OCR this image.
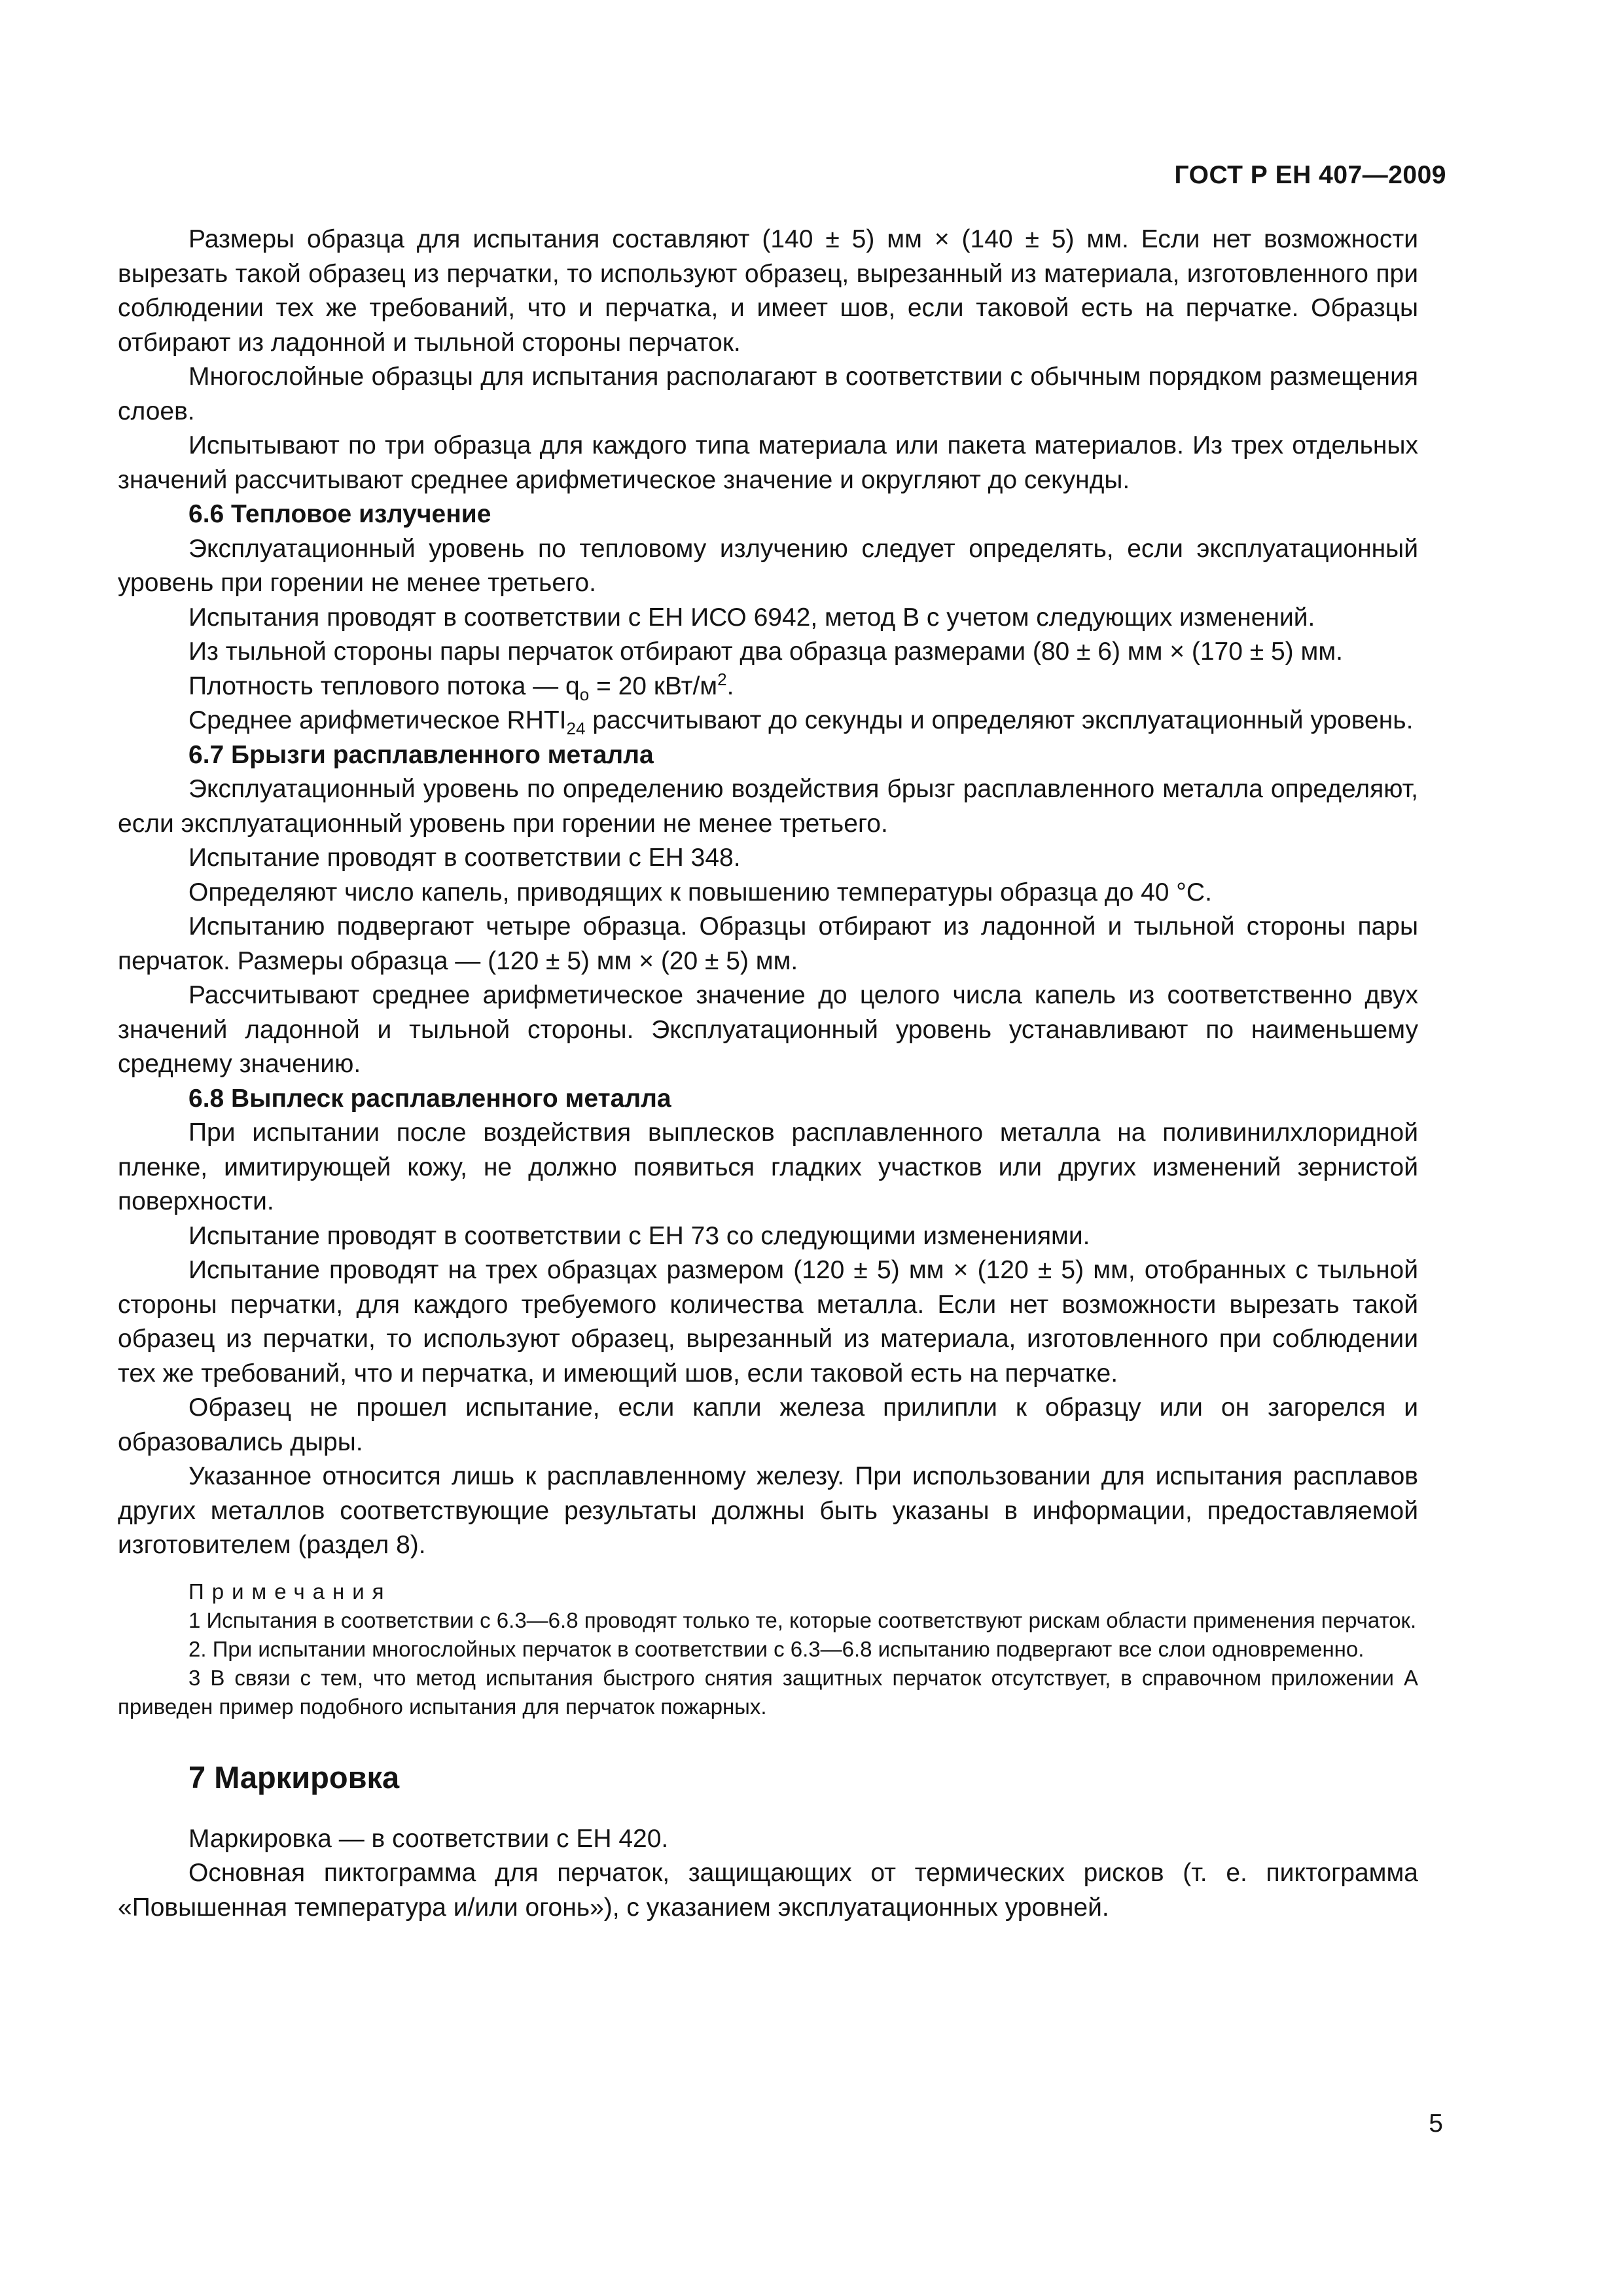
ГОСТ Р ЕН 407—2009

Размеры образца для испытания составляют (140 ± 5) мм × (140 ± 5) мм. Если нет возможности вырезать такой образец из перчатки, то используют образец, вырезанный из материала, изготовленного при соблюдении тех же требований, что и перчатка, и имеет шов, если таковой есть на перчатке. Образцы отбирают из ладонной и тыльной стороны перчаток.

Многослойные образцы для испытания располагают в соответствии с обычным порядком размещения слоев.

Испытывают по три образца для каждого типа материала или пакета материалов. Из трех отдельных значений рассчитывают среднее арифметическое значение и округляют до секунды.

6.6 Тепловое излучение

Эксплуатационный уровень по тепловому излучению следует определять, если эксплуатационный уровень при горении не менее третьего.

Испытания проводят в соответствии с ЕН ИСО 6942, метод В с учетом следующих изменений.

Из тыльной стороны пары перчаток отбирают два образца размерами (80 ± 6) мм × (170 ± 5) мм.

Плотность теплового потока — $q_o = 20$ кВт/$м^2$.

Среднее арифметическое $RHTI_{24}$ рассчитывают до секунды и определяют эксплуатационный уровень.

6.7 Брызги расплавленного металла

Эксплуатационный уровень по определению воздействия брызг расплавленного металла определяют, если эксплуатационный уровень при горении не менее третьего.

Испытание проводят в соответствии с ЕН 348.

Определяют число капель, приводящих к повышению температуры образца до 40 °С.

Испытанию подвергают четыре образца. Образцы отбирают из ладонной и тыльной стороны пары перчаток. Размеры образца — (120 ± 5) мм × (20 ± 5) мм.

Рассчитывают среднее арифметическое значение до целого числа капель из соответственно двух значений ладонной и тыльной стороны. Эксплуатационный уровень устанавливают по наименьшему среднему значению.

6.8 Выплеск расплавленного металла

При испытании после воздействия выплесков расплавленного металла на поливинилхлоридной пленке, имитирующей кожу, не должно появиться гладких участков или других изменений зернистой поверхности.

Испытание проводят в соответствии с ЕН 73 со следующими изменениями.

Испытание проводят на трех образцах размером (120 ± 5) мм × (120 ± 5) мм, отобранных с тыльной стороны перчатки, для каждого требуемого количества металла. Если нет возможности вырезать такой образец из перчатки, то используют образец, вырезанный из материала, изготовленного при соблюдении тех же требований, что и перчатка, и имеющий шов, если таковой есть на перчатке.

Образец не прошел испытание, если капли железа прилипли к образцу или он загорелся и образовались дыры.

Указанное относится лишь к расплавленному железу. При использовании для испытания расплавов других металлов соответствующие результаты должны быть указаны в информации, предоставляемой изготовителем (раздел 8).

Примечания

1 Испытания в соответствии с 6.3—6.8 проводят только те, которые соответствуют рискам области применения перчаток.

2. При испытании многослойных перчаток в соответствии с 6.3—6.8 испытанию подвергают все слои одновременно.

3 В связи с тем, что метод испытания быстрого снятия защитных перчаток отсутствует, в справочном приложении А приведен пример подобного испытания для перчаток пожарных.

7 Маркировка

Маркировка — в соответствии с ЕН 420.

Основная пиктограмма для перчаток, защищающих от термических рисков (т. е. пиктограмма «Повышенная температура и/или огонь»), с указанием эксплуатационных уровней.

5
